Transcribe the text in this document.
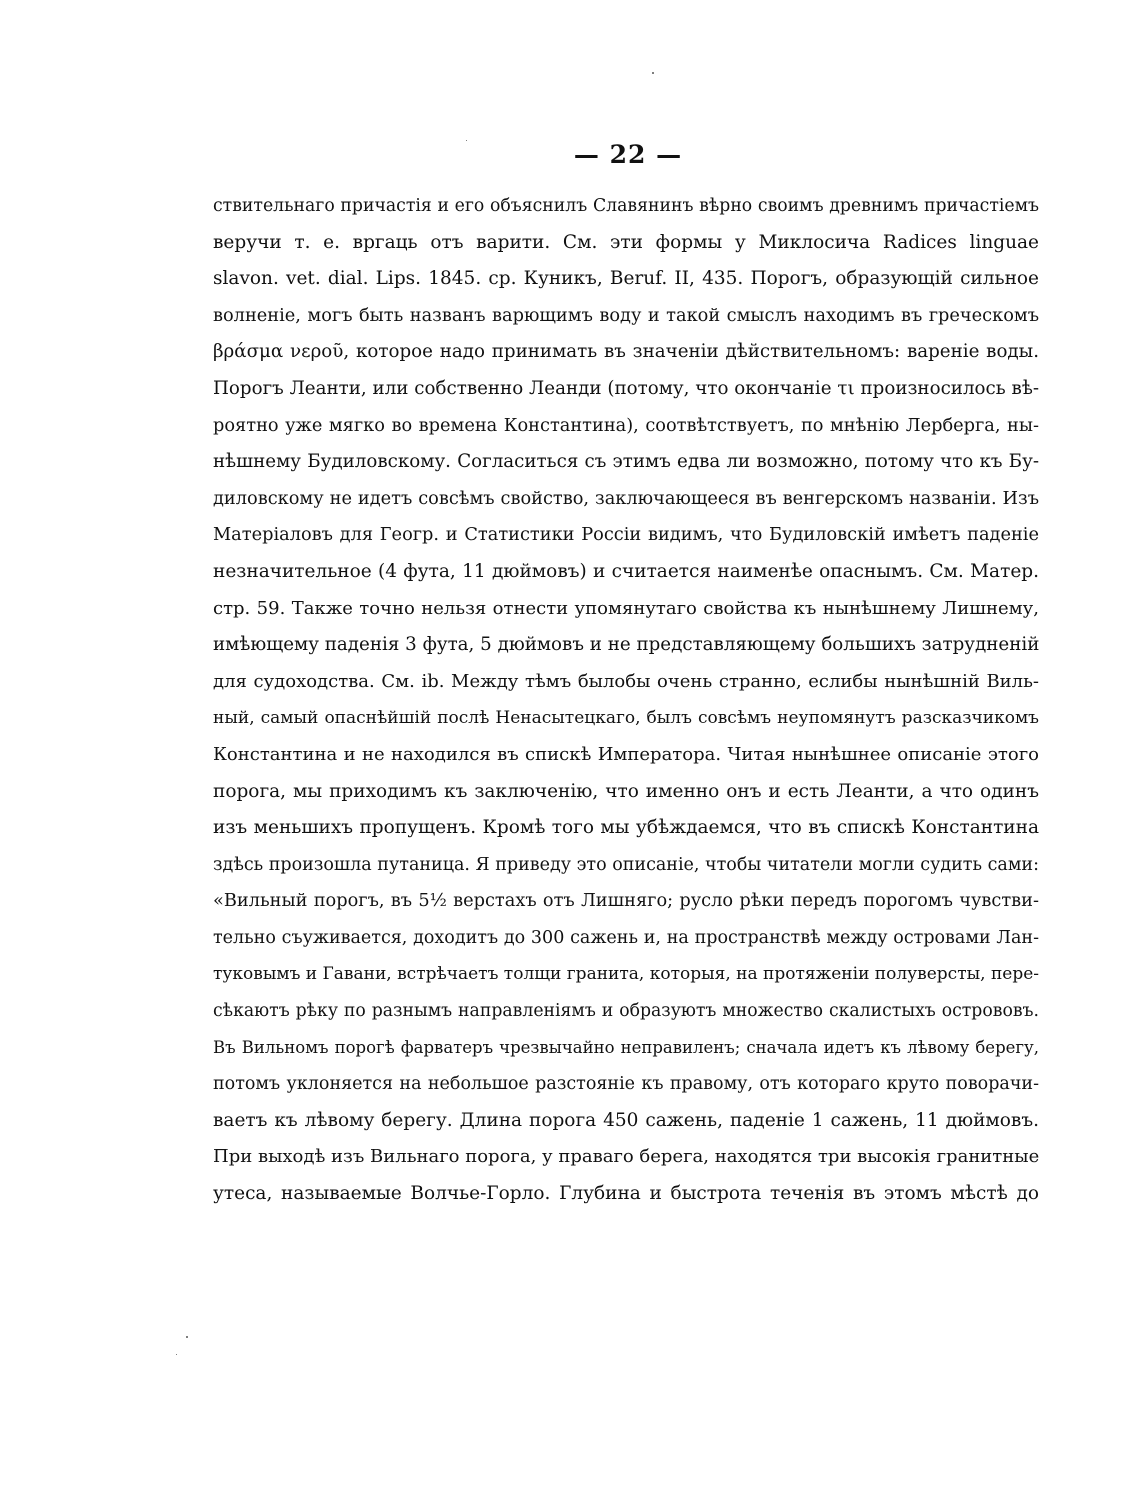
— 22 —
ствительнаго причастія и его объяснилъ Славянинъ вѣрно своимъ древнимъ причастіемъ
веручи т. е. вргаць отъ варити. См. эти формы у Миклосича Radices linguae
slavon. vet. dial. Lips. 1845. ср. Куникъ, Beruf. II, 435. Порогъ, образующій сильное
волненіе, могъ быть названъ варющимъ воду и такой смыслъ находимъ въ греческомъ
βράσμα νεροῦ, которое надо принимать въ значеніи дѣйствительномъ: вареніе воды.
Порогъ Леанти, или собственно Леанди (потому, что окончаніе τι произносилось вѣ-
роятно уже мягко во времена Константина), соотвѣтствуетъ, по мнѣнію Лерберга, ны-
нѣшнему Будиловскому. Согласиться съ этимъ едва ли возможно, потому что къ Бу-
диловскому не идетъ совсѣмъ свойство, заключающееся въ венгерскомъ названіи. Изъ
Матеріаловъ для Геогр. и Статистики Россіи видимъ, что Будиловскій имѣетъ паденіе
незначительное (4 фута, 11 дюймовъ) и считается наименѣе опаснымъ. См. Матер.
стр. 59. Также точно нельзя отнести упомянутаго свойства къ нынѣшнему Лишнему,
имѣющему паденія 3 фута, 5 дюймовъ и не представляющему большихъ затрудненій
для судоходства. См. ib. Между тѣмъ былобы очень странно, еслибы нынѣшній Виль-
ный, самый опаснѣйшій послѣ Ненасытецкаго, былъ совсѣмъ неупомянутъ разсказчикомъ
Константина и не находился въ спискѣ Императора. Читая нынѣшнее описаніе этого
порога, мы приходимъ къ заключенію, что именно онъ и есть Леанти, а что одинъ
изъ меньшихъ пропущенъ. Кромѣ того мы убѣждаемся, что въ спискѣ Константина
здѣсь произошла путаница. Я приведу это описаніе, чтобы читатели могли судить сами:
«Вильный порогъ, въ 5½ верстахъ отъ Лишняго; русло рѣки передъ порогомъ чувстви-
тельно съуживается, доходитъ до 300 сажень и, на пространствѣ между островами Лан-
туковымъ и Гавани, встрѣчаетъ толщи гранита, которыя, на протяженіи полуверсты, пере-
сѣкаютъ рѣку по разнымъ направленіямъ и образуютъ множество скалистыхъ острововъ.
Въ Вильномъ порогѣ фарватеръ чрезвычайно неправиленъ; сначала идетъ къ лѣвому берегу,
потомъ уклоняется на небольшое разстояніе къ правому, отъ котораго круто поворачи-
ваетъ къ лѣвому берегу. Длина порога 450 сажень, паденіе 1 сажень, 11 дюймовъ.
При выходѣ изъ Вильнаго порога, у праваго берега, находятся три высокія гранитные
утеса, называемые Волчье-Горло. Глубина и быстрота теченія въ этомъ мѣстѣ до
